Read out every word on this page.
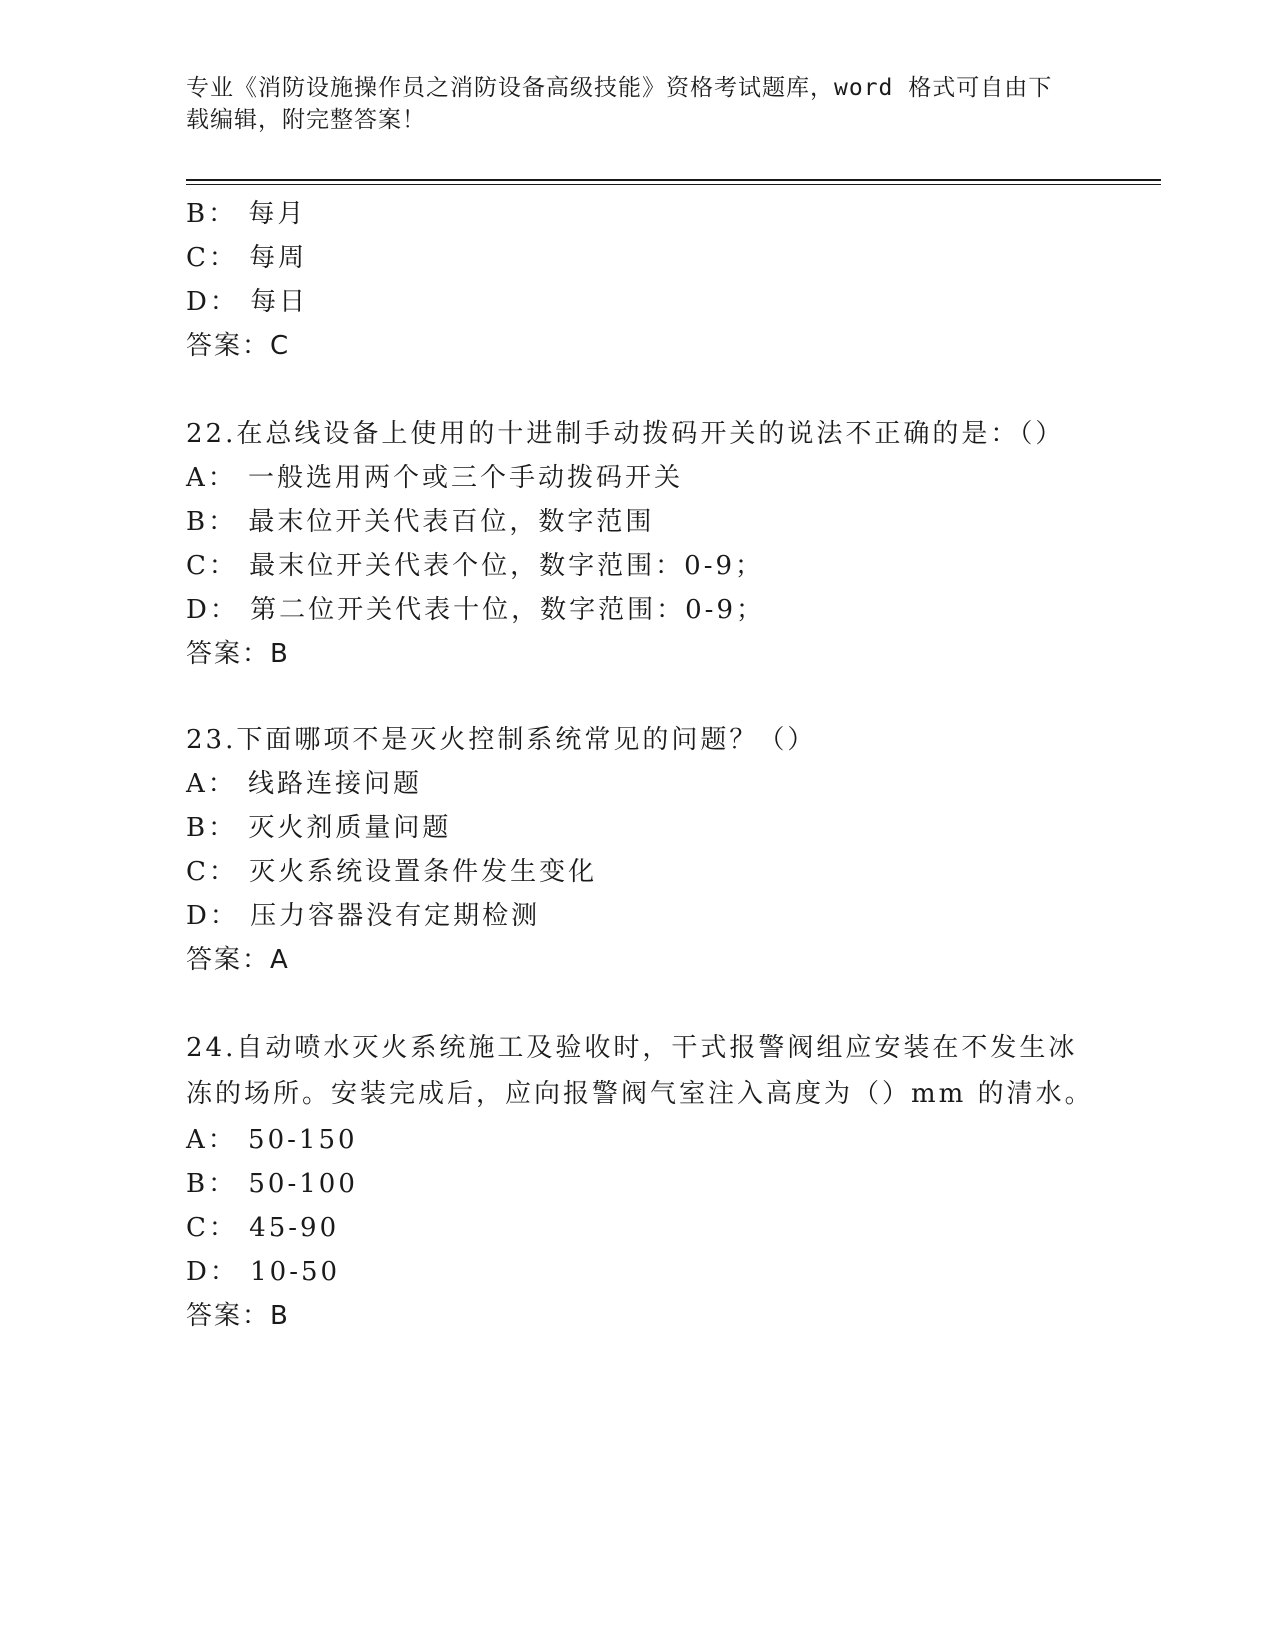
专业《消防设施操作员之消防设备高级技能》资格考试题库，word 格式可自由下
载编辑，附完整答案！
B： 每月
C： 每周
D： 每日
答案：C
22.在总线设备上使用的十进制手动拨码开关的说法不正确的是：（）
A： 一般选用两个或三个手动拨码开关
B： 最末位开关代表百位，数字范围
C： 最末位开关代表个位，数字范围：0-9；
D： 第二位开关代表十位，数字范围：0-9；
答案：B
23.下面哪项不是灭火控制系统常见的问题？（）
A： 线路连接问题
B： 灭火剂质量问题
C： 灭火系统设置条件发生变化
D： 压力容器没有定期检测
答案：A
24.自动喷水灭火系统施工及验收时，干式报警阀组应安装在不发生冰
冻的场所。安装完成后，应向报警阀气室注入高度为（）mm 的清水。
A： 50-150
B： 50-100
C： 45-90
D： 10-50
答案：B
